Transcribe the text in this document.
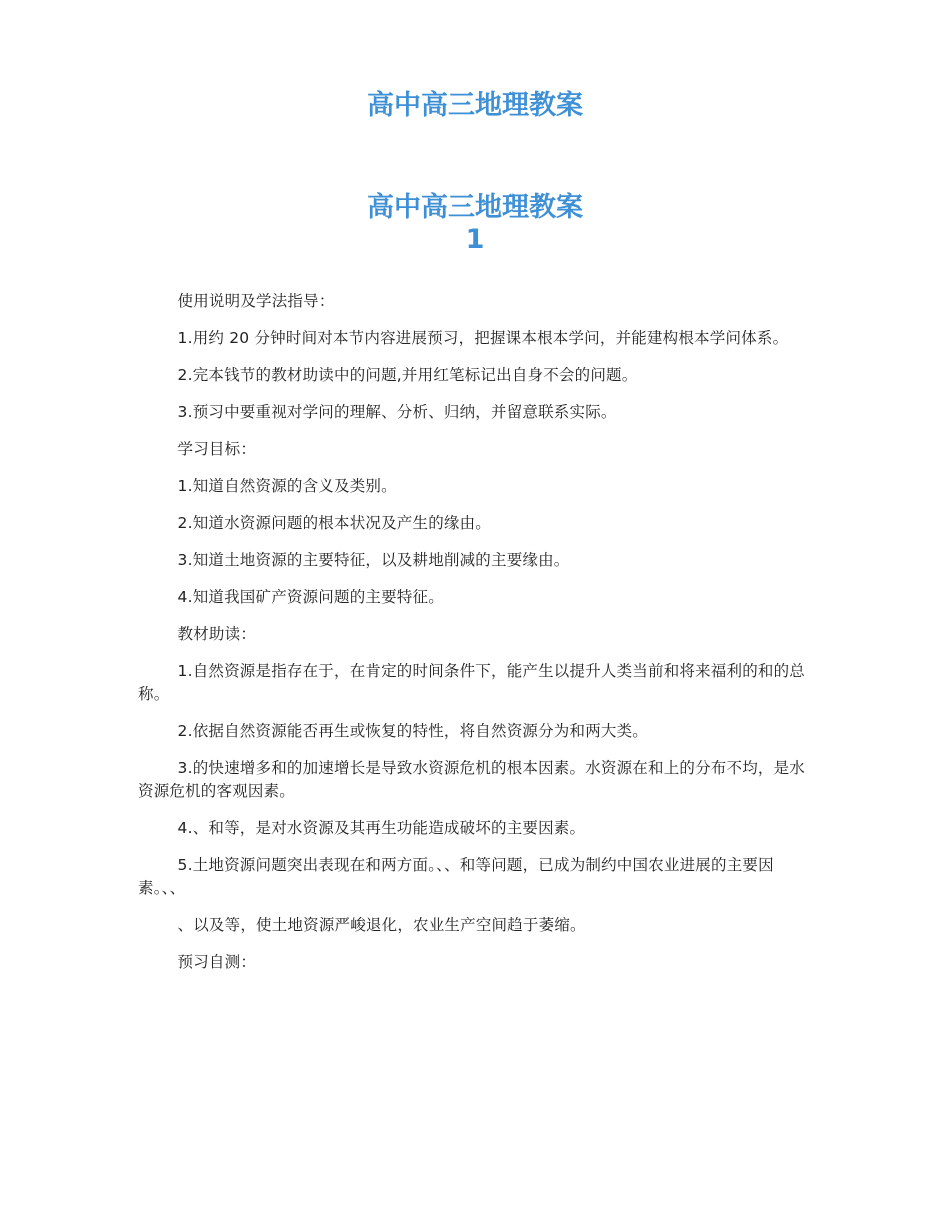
高中高三地理教案
高中高三地理教案
1

使用说明及学法指导：

1.用约 20 分钟时间对本节内容进展预习，把握课本根本学问，并能建构根本学问体系。

2.完本钱节的教材助读中的问题,并用红笔标记出自身不会的问题。

3.预习中要重视对学问的理解、分析、归纳，并留意联系实际。

学习目标：

1.知道自然资源的含义及类别。

2.知道水资源问题的根本状况及产生的缘由。

3.知道土地资源的主要特征，以及耕地削减的主要缘由。

4.知道我国矿产资源问题的主要特征。

教材助读：

1.自然资源是指存在于，在肯定的时间条件下，能产生以提升人类当前和将来福利的和的总称。

2.依据自然资源能否再生或恢复的特性，将自然资源分为和两大类。

3.的快速增多和的加速增长是导致水资源危机的根本因素。水资源在和上的分布不均，是水资源危机的客观因素。

4.、和等，是对水资源及其再生功能造成破坏的主要因素。

5.土地资源问题突出表现在和两方面。、、和等问题，已成为制约中国农业进展的主要因素。、、

、以及等，使土地资源严峻退化，农业生产空间趋于萎缩。

预习自测：
